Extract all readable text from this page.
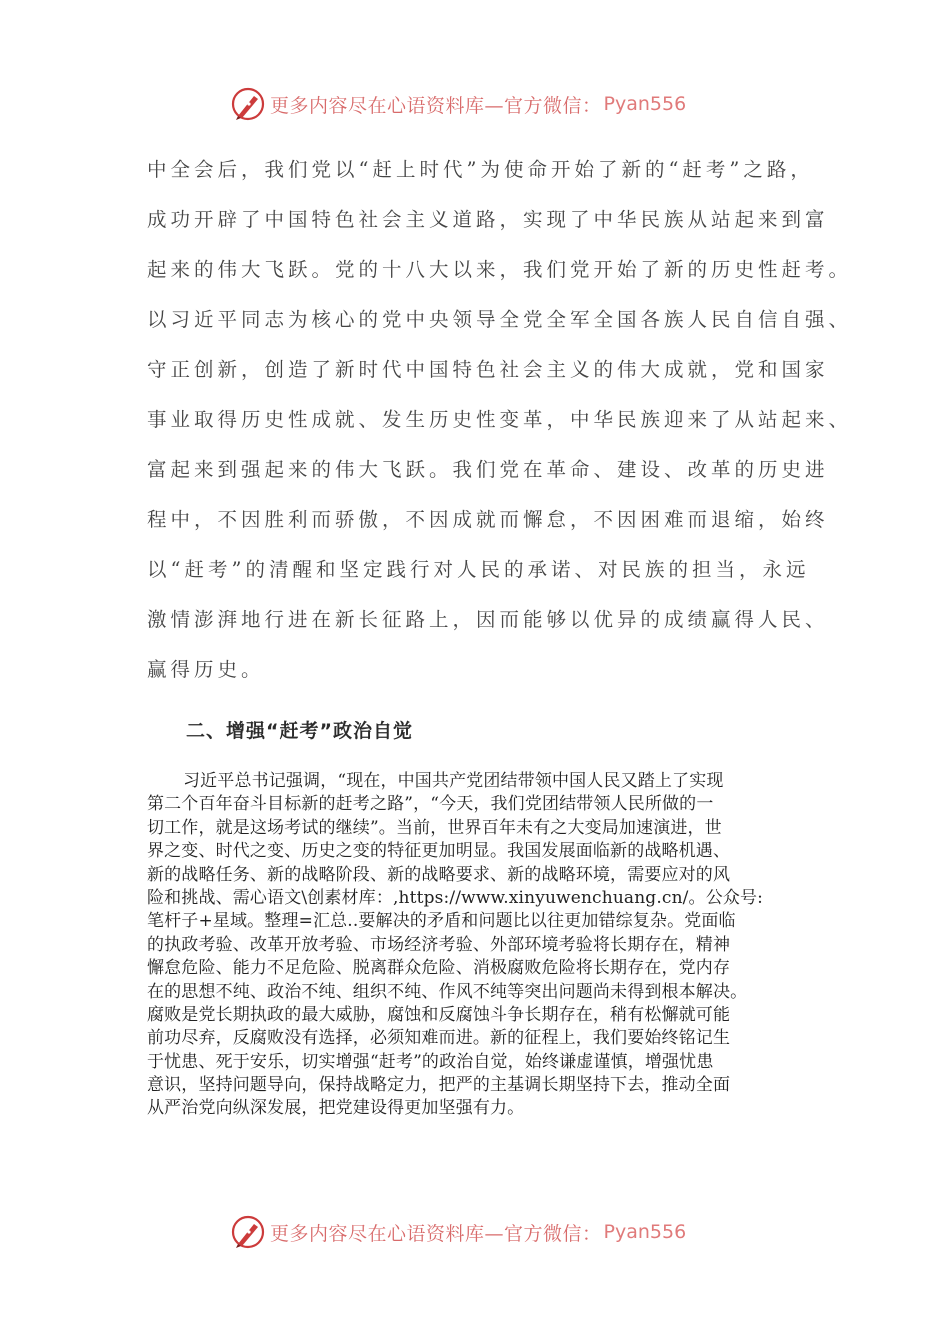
更多内容尽在心语资料库—官方微信： Pyan556

中全会后，我们党以“赶上时代”为使命开始了新的“赶考”之路，

成功开辟了中国特色社会主义道路，实现了中华民族从站起来到富

起来的伟大飞跃。党的十八大以来，我们党开始了新的历史性赶考。

以习近平同志为核心的党中央领导全党全军全国各族人民自信自强、

守正创新，创造了新时代中国特色社会主义的伟大成就，党和国家

事业取得历史性成就、发生历史性变革，中华民族迎来了从站起来、

富起来到强起来的伟大飞跃。我们党在革命、建设、改革的历史进

程中，不因胜利而骄傲，不因成就而懈怠，不因困难而退缩，始终

以“赶考”的清醒和坚定践行对人民的承诺、对民族的担当，永远

激情澎湃地行进在新长征路上，因而能够以优异的成绩赢得人民、

赢得历史。

二、增强“赶考”政治自觉

习近平总书记强调，“现在，中国共产党团结带领中国人民又踏上了实现

第二个百年奋斗目标新的赶考之路”，“今天，我们党团结带领人民所做的一

切工作，就是这场考试的继续”。当前，世界百年未有之大变局加速演进，世

界之变、时代之变、历史之变的特征更加明显。我国发展面临新的战略机遇、

新的战略任务、新的战略阶段、新的战略要求、新的战略环境，需要应对的风

险和挑战、需心语文\创素材库：,https://www.xinyuwenchuang.cn/。公众号:

笔杆子+星域。整理=汇总..要解决的矛盾和问题比以往更加错综复杂。党面临

的执政考验、改革开放考验、市场经济考验、外部环境考验将长期存在，精神

懈怠危险、能力不足危险、脱离群众危险、消极腐败危险将长期存在，党内存

在的思想不纯、政治不纯、组织不纯、作风不纯等突出问题尚未得到根本解决。

腐败是党长期执政的最大威胁，腐蚀和反腐蚀斗争长期存在，稍有松懈就可能

前功尽弃，反腐败没有选择，必须知难而进。新的征程上，我们要始终铭记生

于忧患、死于安乐，切实增强“赶考”的政治自觉，始终谦虚谨慎，增强忧患

意识，坚持问题导向，保持战略定力，把严的主基调长期坚持下去，推动全面

从严治党向纵深发展，把党建设得更加坚强有力。

更多内容尽在心语资料库—官方微信： Pyan556
